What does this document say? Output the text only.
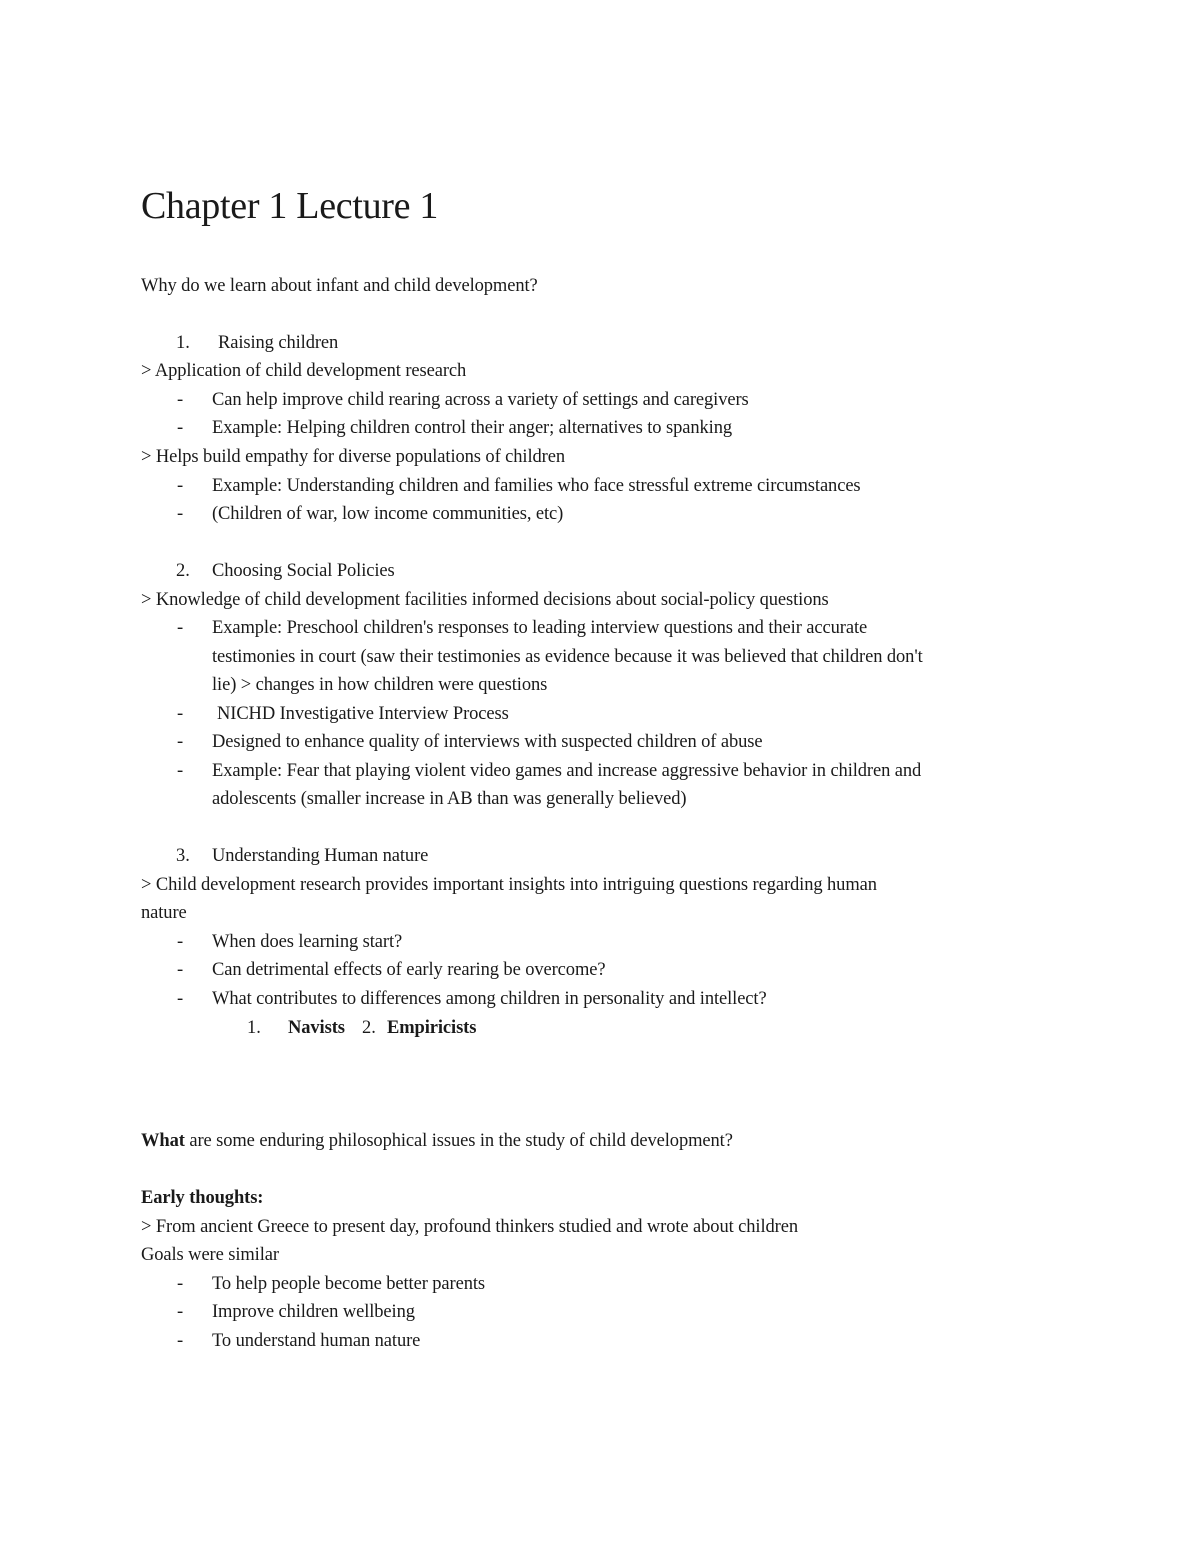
Chapter 1 Lecture 1
Why do we learn about infant and child development?
1. Raising children
> Application of child development research
- Can help improve child rearing across a variety of settings and caregivers
- Example: Helping children control their anger; alternatives to spanking
> Helps build empathy for diverse populations of children
- Example: Understanding children and families who face stressful extreme circumstances
- (Children of war, low income communities, etc)
2. Choosing Social Policies
> Knowledge of child development facilities informed decisions about social-policy questions
- Example: Preschool children's responses to leading interview questions and their accurate
testimonies in court (saw their testimonies as evidence because it was believed that children don't
lie) > changes in how children were questions
- NICHD Investigative Interview Process
- Designed to enhance quality of interviews with suspected children of abuse
- Example: Fear that playing violent video games and increase aggressive behavior in children and
adolescents (smaller increase in AB than was generally believed)
3. Understanding Human nature
> Child development research provides important insights into intriguing questions regarding human
nature
- When does learning start?
- Can detrimental effects of early rearing be overcome?
- What contributes to differences among children in personality and intellect?
1. Navists 2. Empiricists
What are some enduring philosophical issues in the study of child development?
Early thoughts:
> From ancient Greece to present day, profound thinkers studied and wrote about children
Goals were similar
- To help people become better parents
- Improve children wellbeing
- To understand human nature
